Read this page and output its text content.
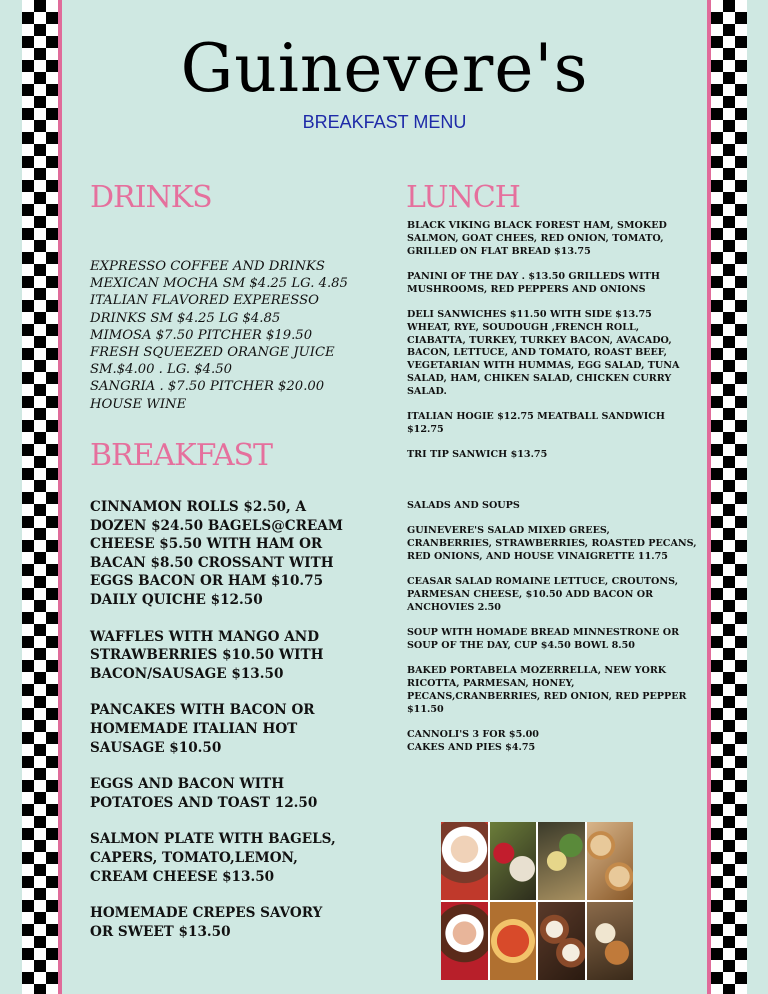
Guinevere's
BREAKFAST MENU
DRINKS
EXPRESSO COFFEE AND DRINKS
MEXICAN MOCHA SM $4.25 LG. 4.85
ITALIAN FLAVORED EXPERESSO
DRINKS SM $4.25 LG $4.85
MIMOSA $7.50 PITCHER $19.50
FRESH SQUEEZED ORANGE JUICE
SM.$4.00 . LG. $4.50
SANGRIA . $7.50 PITCHER $20.00
HOUSE WINE
BREAKFAST
CINNAMON ROLLS $2.50, A DOZEN $24.50 BAGELS@CREAM CHEESE $5.50 WITH HAM OR BACAN $8.50 CROSSANT WITH EGGS BACON OR HAM $10.75 DAILY QUICHE $12.50
WAFFLES WITH MANGO AND STRAWBERRIES $10.50 WITH BACON/SAUSAGE $13.50
PANCAKES WITH BACON OR HOMEMADE ITALIAN HOT SAUSAGE $10.50
EGGS AND BACON WITH POTATOES AND TOAST 12.50
SALMON PLATE WITH BAGELS, CAPERS, TOMATO,LEMON, CREAM CHEESE $13.50
HOMEMADE CREPES SAVORY OR SWEET $13.50
LUNCH
BLACK VIKING BLACK FOREST HAM, SMOKED SALMON, GOAT CHEES, RED ONION, TOMATO, GRILLED ON FLAT BREAD $13.75
PANINI OF THE DAY . $13.50 GRILLEDS WITH MUSHROOMS, RED PEPPERS AND ONIONS
DELI SANWICHES $11.50 WITH SIDE $13.75 WHEAT, RYE, SOUDOUGH ,FRENCH ROLL, CIABATTA, TURKEY, TURKEY BACON, AVACADO, BACON, LETTUCE, AND TOMATO, ROAST BEEF, VEGETARIAN WITH HUMMAS, EGG SALAD, TUNA SALAD, HAM, CHIKEN SALAD, CHICKEN CURRY SALAD.
ITALIAN HOGIE $12.75 MEATBALL SANDWICH $12.75
TRI TIP SANWICH $13.75
SALADS AND SOUPS
GUINEVERE'S SALAD MIXED GREES, CRANBERRIES, STRAWBERRIES, ROASTED PECANS, RED ONIONS, AND HOUSE VINAIGRETTE 11.75
CEASAR SALAD ROMAINE LETTUCE, CROUTONS, PARMESAN CHEESE, $10.50 ADD BACON OR ANCHOVIES 2.50
SOUP WITH HOMADE BREAD MINNESTRONE OR SOUP OF THE DAY, CUP $4.50 BOWL 8.50
BAKED PORTABELA MOZERRELLA, NEW YORK RICOTTA, PARMESAN, HONEY, PECANS,CRANBERRIES, RED ONION, RED PEPPER $11.50
CANNOLI'S 3 FOR $5.00
CAKES AND PIES $4.75
